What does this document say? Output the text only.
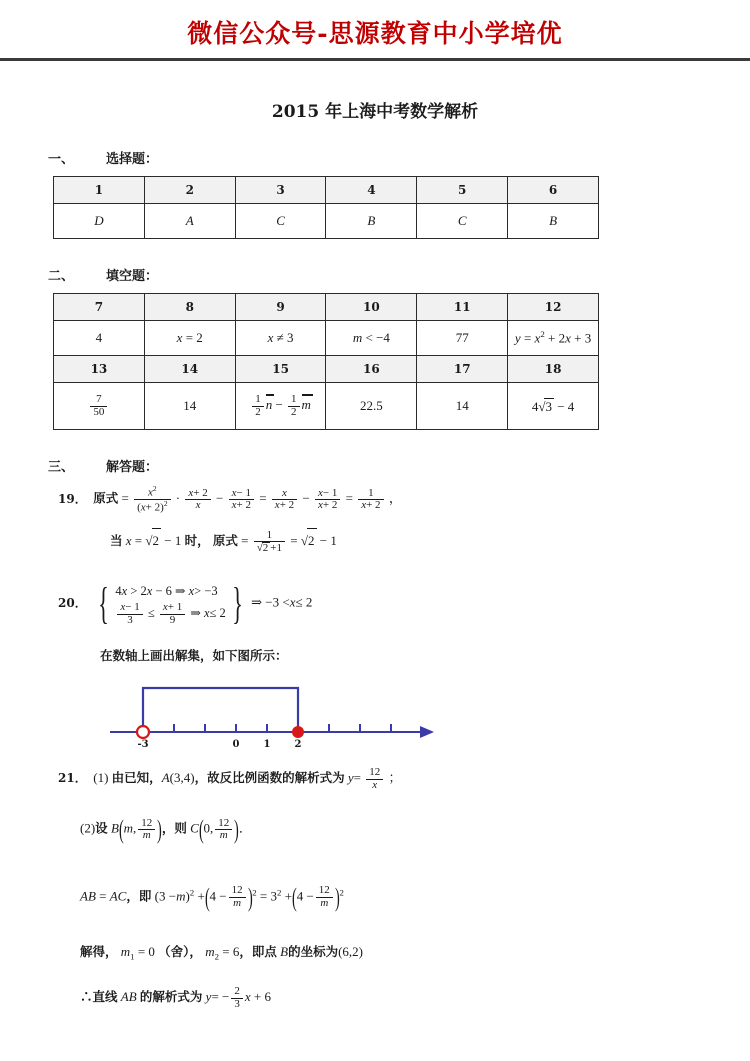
微信公众号-思源教育中小学培优
2015 年上海中考数学解析
一、 选择题：
1	2	3	4	5	6
D	A	C	B	C	B
二、 填空题：
7	8	9	10	11	12
4	x = 2	x ≠ 3	m < −4	77	$y = x^2 + 2x + 3$
13	14	15	16	17	18

$\frac{7}{50}$	14	$\frac{1}{2}$ $n - \frac{1}{2}$ m	22.5	14	4√3 − 4
三、 解答题：
19． 原式 = $\frac{x^2}{(x+ 2)^2} \cdot \frac{x+ 2}{x} - \frac{x- 1}{x+ 2} = \frac{x}{x+ 2} - \frac{x- 1}{x+ 2} = \frac{1}{x+ 2}$ ，
当 x = √2 − 1 时， 原式 = $\frac{1}{√2 +1} = √2 - 1$
20． { 4x > 2x − 6 ⇒ x> −3
$\frac{x- 1}{3} \le \frac{x+ 1}{9}$ ⇒ x≤ 2 } ⇒ −3 <x≤ 2
在数轴上画出解集，如下图所示：
-3	0 1 2
21． (1) 由已知，A(3,4)，故反比例函数的解析式为 $y= \frac{12}{x}$ ；
(2)设 B(m, $\frac{12}{m}$ )，则 C(0, $\frac{12}{m}$ )．
AB = AC，即 $(3 -m)^2 +(4 - \frac{12}{m} )^2 = 3^2 +(4 - \frac{12}{m} )^2$
解得， $m_1 = 0$ （舍）， $m_2 = 6$，即点 B的坐标为(6,2)
∴直线 AB 的解析式为 $y= - \frac{2}{3}$ x + 6
